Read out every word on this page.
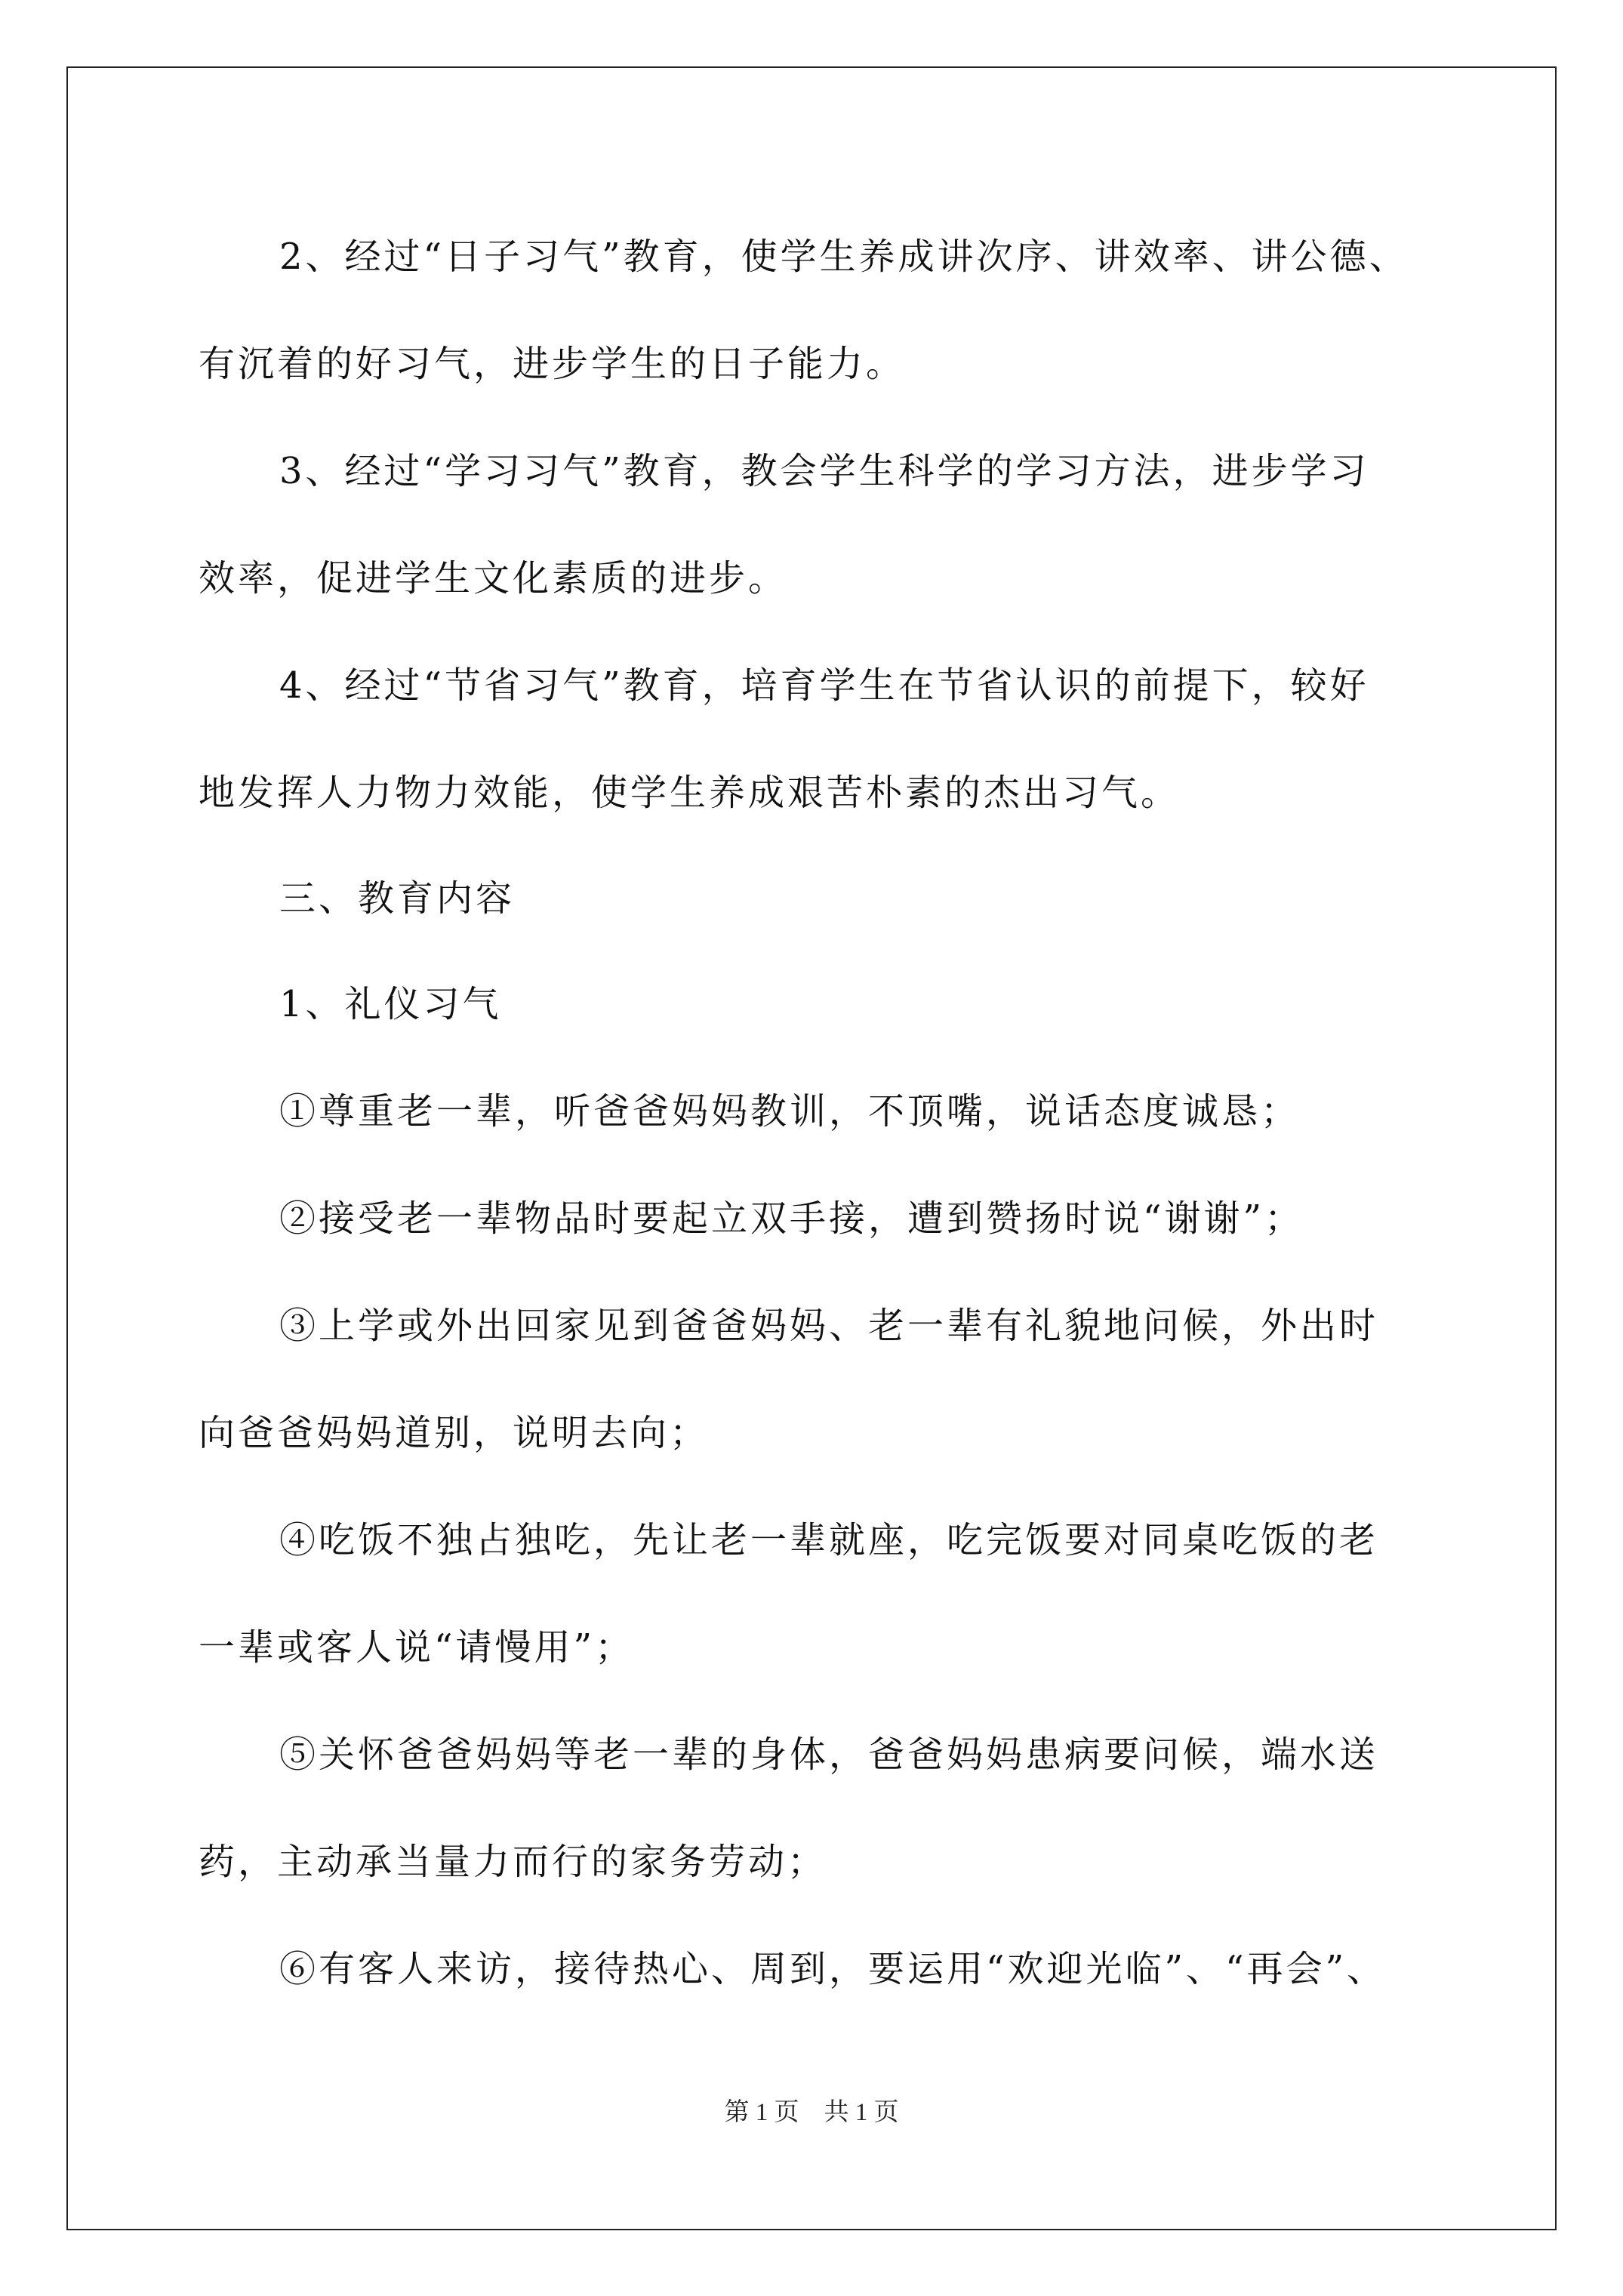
2、经过“日子习气”教育，使学生养成讲次序、讲效率、讲公德、
有沉着的好习气，进步学生的日子能力。
3、经过“学习习气”教育，教会学生科学的学习方法，进步学习
效率，促进学生文化素质的进步。
4、经过“节省习气”教育，培育学生在节省认识的前提下，较好
地发挥人力物力效能，使学生养成艰苦朴素的杰出习气。
三、教育内容
1、礼仪习气
①尊重老一辈，听爸爸妈妈教训，不顶嘴，说话态度诚恳；
②接受老一辈物品时要起立双手接，遭到赞扬时说“谢谢”；
③上学或外出回家见到爸爸妈妈、老一辈有礼貌地问候，外出时
向爸爸妈妈道别，说明去向；
④吃饭不独占独吃，先让老一辈就座，吃完饭要对同桌吃饭的老
一辈或客人说“请慢用”；
⑤关怀爸爸妈妈等老一辈的身体，爸爸妈妈患病要问候，端水送
药，主动承当量力而行的家务劳动；
⑥有客人来访，接待热心、周到，要运用“欢迎光临”、“再会”、
第 1 页　共 1 页
